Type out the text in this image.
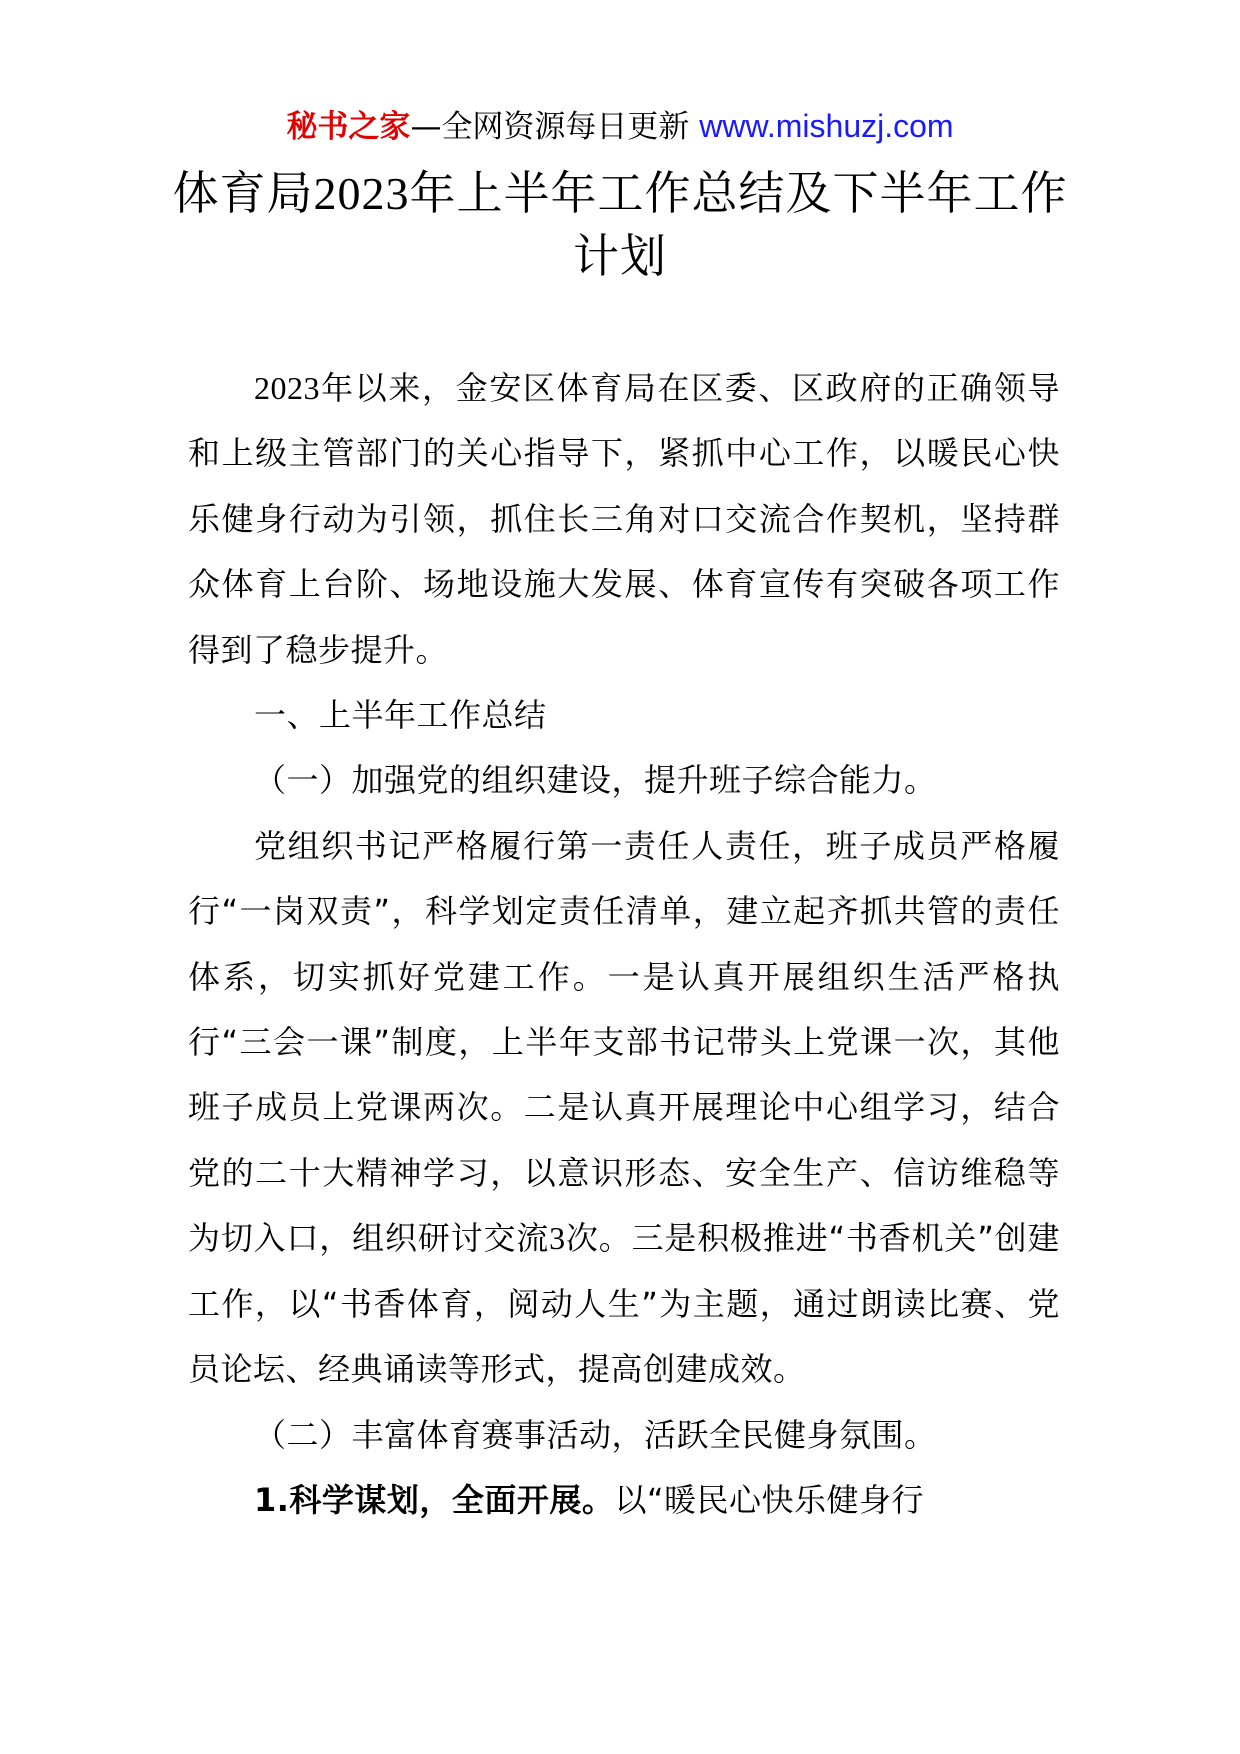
秘书之家—全网资源每日更新 www.mishuzj.com
体育局2023年上半年工作总结及下半年工作计划

2023年以来，金安区体育局在区委、区政府的正确领导和上级主管部门的关心指导下，紧抓中心工作，以暖民心快乐健身行动为引领，抓住长三角对口交流合作契机，坚持群众体育上台阶、场地设施大发展、体育宣传有突破各项工作得到了稳步提升。

一、上半年工作总结

（一）加强党的组织建设，提升班子综合能力。

党组织书记严格履行第一责任人责任，班子成员严格履行“一岗双责”，科学划定责任清单，建立起齐抓共管的责任体系，切实抓好党建工作。一是认真开展组织生活严格执行“三会一课”制度，上半年支部书记带头上党课一次，其他班子成员上党课两次。二是认真开展理论中心组学习，结合党的二十大精神学习，以意识形态、安全生产、信访维稳等为切入口，组织研讨交流3次。三是积极推进“书香机关”创建工作，以“书香体育，阅动人生”为主题，通过朗读比赛、党员论坛、经典诵读等形式，提高创建成效。

（二）丰富体育赛事活动，活跃全民健身氛围。

1.科学谋划，全面开展。以“暖民心快乐健身行
